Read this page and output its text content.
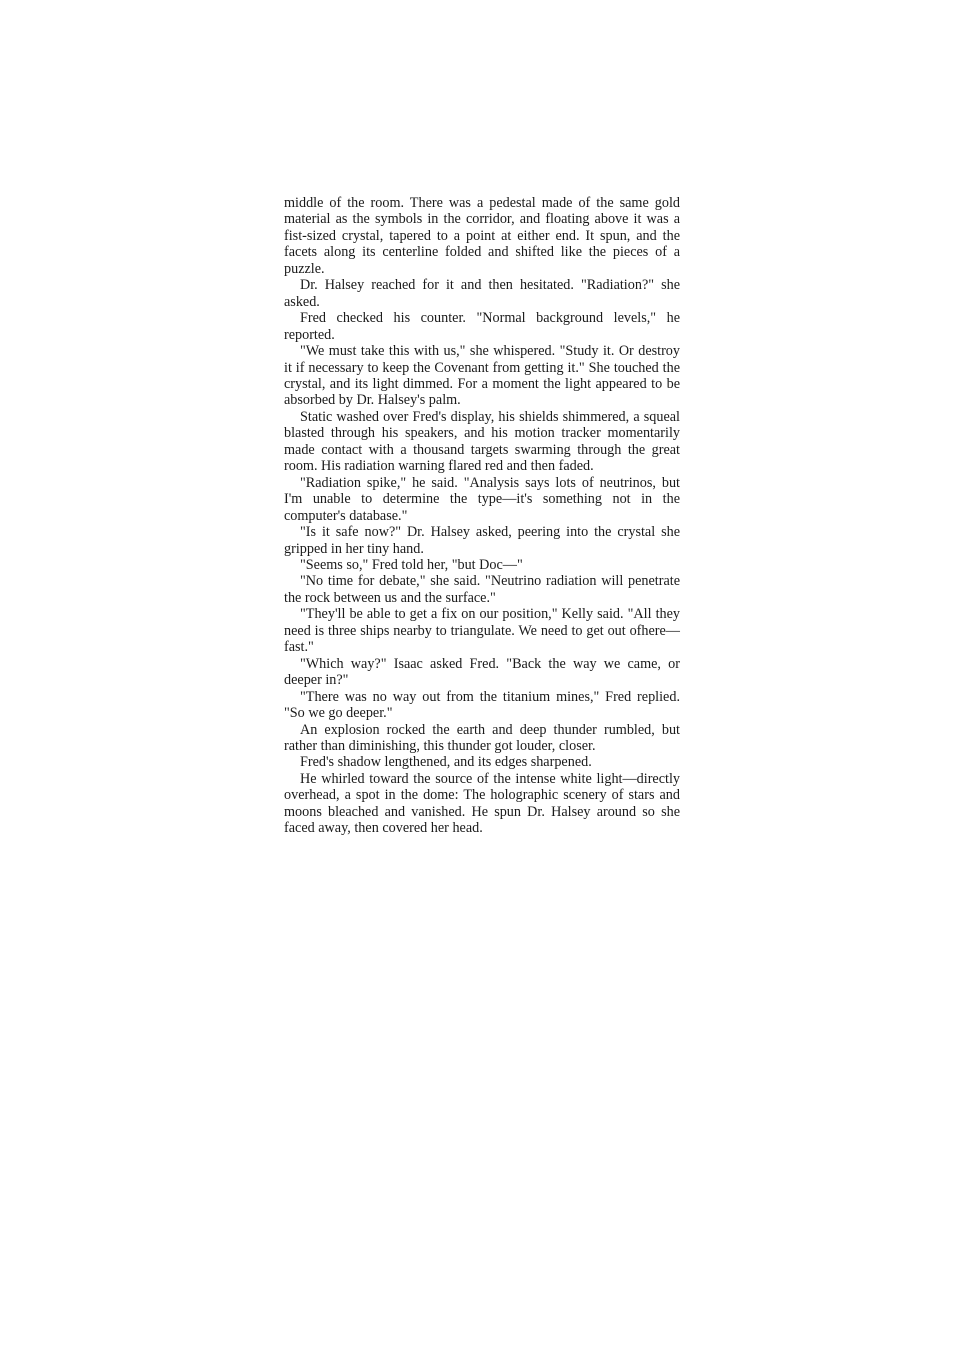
middle of the room. There was a pedestal made of the same gold material as the symbols in the corridor, and floating above it was a fist-sized crystal, tapered to a point at either end. It spun, and the facets along its centerline folded and shifted like the pieces of a puzzle.

Dr. Halsey reached for it and then hesitated. "Radiation?" she asked.

Fred checked his counter. "Normal background levels," he reported.

"We must take this with us," she whispered. "Study it. Or destroy it if necessary to keep the Covenant from getting it." She touched the crystal, and its light dimmed. For a moment the light appeared to be absorbed by Dr. Halsey's palm.

Static washed over Fred's display, his shields shimmered, a squeal blasted through his speakers, and his motion tracker momentarily made contact with a thousand targets swarming through the great room. His radiation warning flared red and then faded.

"Radiation spike," he said. "Analysis says lots of neutrinos, but I'm unable to determine the type—it's something not in the computer's database."

"Is it safe now?" Dr. Halsey asked, peering into the crystal she gripped in her tiny hand.

"Seems so," Fred told her, "but Doc—"

"No time for debate," she said. "Neutrino radiation will penetrate the rock between us and the surface."

"They'll be able to get a fix on our position," Kelly said. "All they need is three ships nearby to triangulate. We need to get out ofhere—fast."

"Which way?" Isaac asked Fred. "Back the way we came, or deeper in?"

"There was no way out from the titanium mines," Fred replied. "So we go deeper."

An explosion rocked the earth and deep thunder rumbled, but rather than diminishing, this thunder got louder, closer.

Fred's shadow lengthened, and its edges sharpened.

He whirled toward the source of the intense white light—directly overhead, a spot in the dome: The holographic scenery of stars and moons bleached and vanished. He spun Dr. Halsey around so she faced away, then covered her head.
